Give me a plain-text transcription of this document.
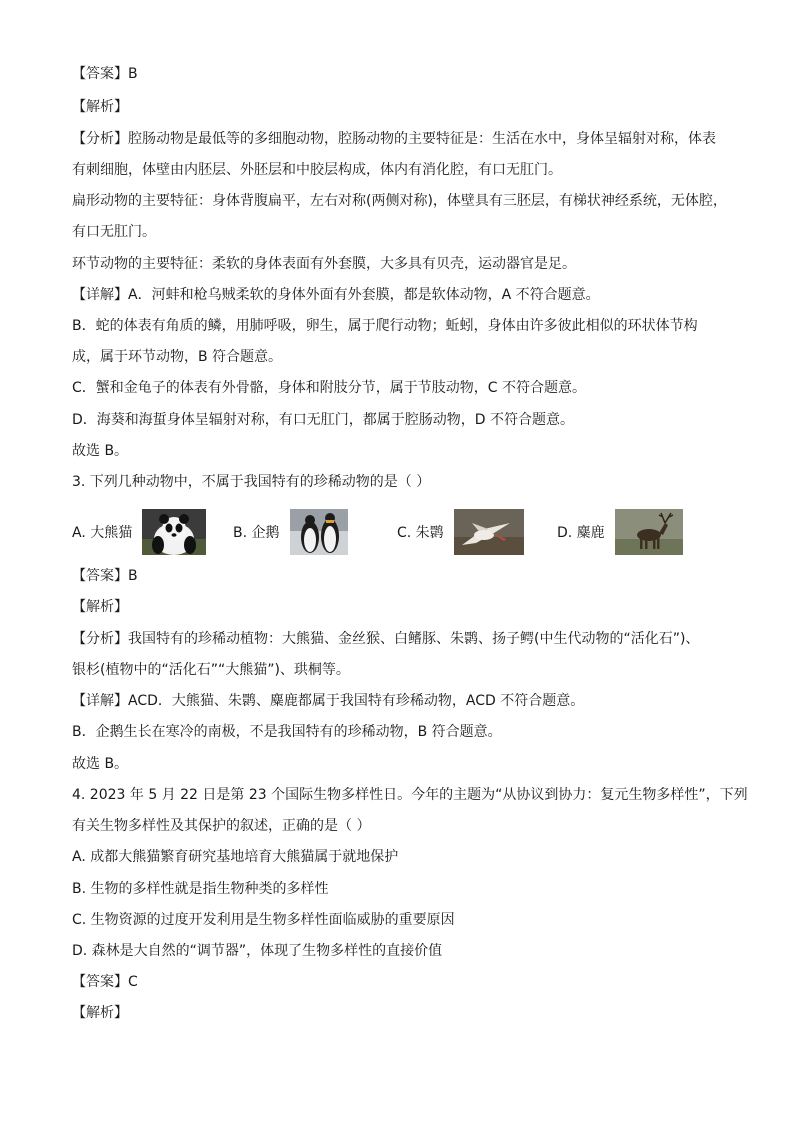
【答案】B
【解析】
【分析】腔肠动物是最低等的多细胞动物，腔肠动物的主要特征是：生活在水中，身体呈辐射对称，体表
有刺细胞，体壁由内胚层、外胚层和中胶层构成，体内有消化腔，有口无肛门。
扁形动物的主要特征：身体背腹扁平，左右对称(两侧对称)，体壁具有三胚层，有梯状神经系统，无体腔，
有口无肛门。
环节动物的主要特征：柔软的身体表面有外套膜，大多具有贝壳，运动器官是足。
【详解】A．河蚌和枪乌贼柔软的身体外面有外套膜，都是软体动物，A 不符合题意。
B．蛇的体表有角质的鳞，用肺呼吸，卵生，属于爬行动物；蚯蚓，身体由许多彼此相似的环状体节构
成，属于环节动物，B 符合题意。
C．蟹和金龟子的体表有外骨骼，身体和附肢分节，属于节肢动物，C 不符合题意。
D．海葵和海蜇身体呈辐射对称，有口无肛门，都属于腔肠动物，D 不符合题意。
故选 B。
3. 下列几种动物中，不属于我国特有的珍稀动物的是（ ）
A. 大熊猫	B. 企鹅	C. 朱鹮	D. 麋鹿
【答案】B
【解析】
【分析】我国特有的珍稀动植物：大熊猫、金丝猴、白鳍豚、朱鹮、扬子鳄(中生代动物的“活化石”)、
银杉(植物中的“活化石”“大熊猫”)、珙桐等。
【详解】ACD．大熊猫、朱鹮、麋鹿都属于我国特有珍稀动物，ACD 不符合题意。
B．企鹅生长在寒冷的南极，不是我国特有的珍稀动物，B 符合题意。
故选 B。
4. 2023 年 5 月 22 日是第 23 个国际生物多样性日。今年的主题为“从协议到协力：复元生物多样性”，下列
有关生物多样性及其保护的叙述，正确的是（ ）
A. 成都大熊猫繁育研究基地培育大熊猫属于就地保护
B. 生物的多样性就是指生物种类的多样性
C. 生物资源的过度开发利用是生物多样性面临威胁的重要原因
D. 森林是大自然的“调节器”，体现了生物多样性的直接价值
【答案】C
【解析】
